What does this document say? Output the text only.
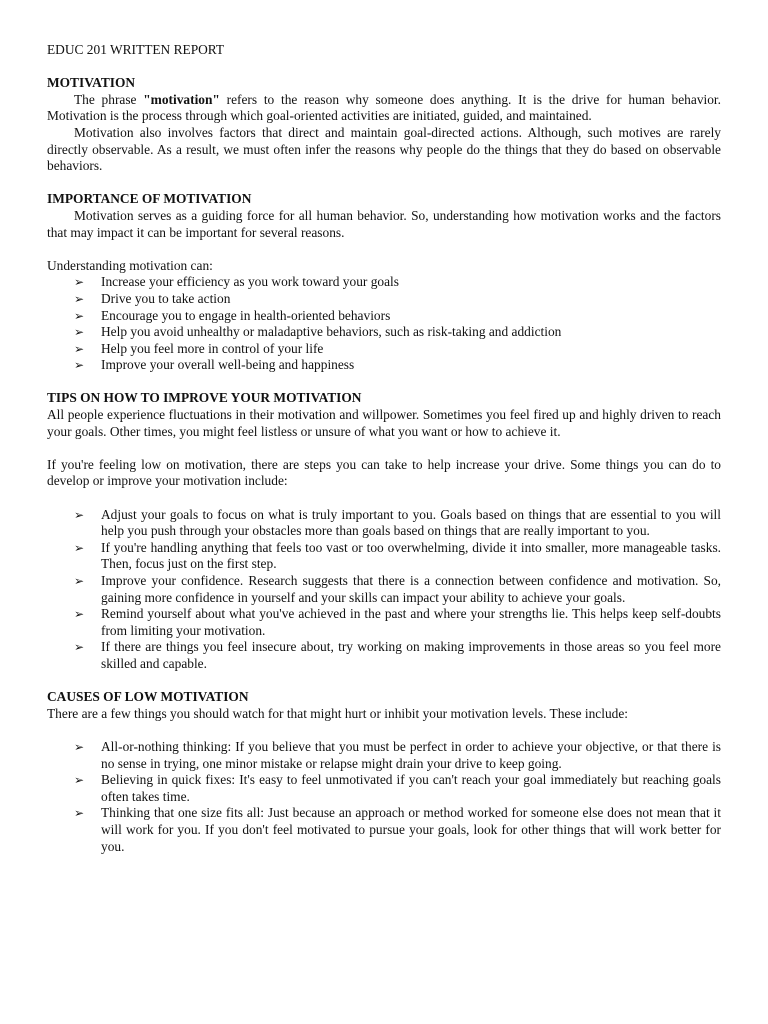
EDUC 201 WRITTEN REPORT

MOTIVATION

The phrase "motivation" refers to the reason why someone does anything. It is the drive for human behavior. Motivation is the process through which goal-oriented activities are initiated, guided, and maintained.

Motivation also involves factors that direct and maintain goal-directed actions. Although, such motives are rarely directly observable. As a result, we must often infer the reasons why people do the things that they do based on observable behaviors.

IMPORTANCE OF MOTIVATION

Motivation serves as a guiding force for all human behavior. So, understanding how motivation works and the factors that may impact it can be important for several reasons.

Understanding motivation can:

➢ Increase your efficiency as you work toward your goals
➢ Drive you to take action
➢ Encourage you to engage in health-oriented behaviors
➢ Help you avoid unhealthy or maladaptive behaviors, such as risk-taking and addiction
➢ Help you feel more in control of your life
➢ Improve your overall well-being and happiness
TIPS ON HOW TO IMPROVE YOUR MOTIVATION

All people experience fluctuations in their motivation and willpower. Sometimes you feel fired up and highly driven to reach your goals. Other times, you might feel listless or unsure of what you want or how to achieve it.

If you're feeling low on motivation, there are steps you can take to help increase your drive. Some things you can do to develop or improve your motivation include:

➢ Adjust your goals to focus on what is truly important to you. Goals based on things that are essential to you will help you push through your obstacles more than goals based on things that are really important to you.
➢ If you're handling anything that feels too vast or too overwhelming, divide it into smaller, more manageable tasks. Then, focus just on the first step.
➢ Improve your confidence. Research suggests that there is a connection between confidence and motivation. So, gaining more confidence in yourself and your skills can impact your ability to achieve your goals.
➢ Remind yourself about what you've achieved in the past and where your strengths lie. This helps keep self-doubts from limiting your motivation.
➢ If there are things you feel insecure about, try working on making improvements in those areas so you feel more skilled and capable.
CAUSES OF LOW MOTIVATION

There are a few things you should watch for that might hurt or inhibit your motivation levels. These include:

➢ All-or-nothing thinking: If you believe that you must be perfect in order to achieve your objective, or that there is no sense in trying, one minor mistake or relapse might drain your drive to keep going.
➢ Believing in quick fixes: It's easy to feel unmotivated if you can't reach your goal immediately but reaching goals often takes time.
➢ Thinking that one size fits all: Just because an approach or method worked for someone else does not mean that it will work for you. If you don't feel motivated to pursue your goals, look for other things that will work better for you.
